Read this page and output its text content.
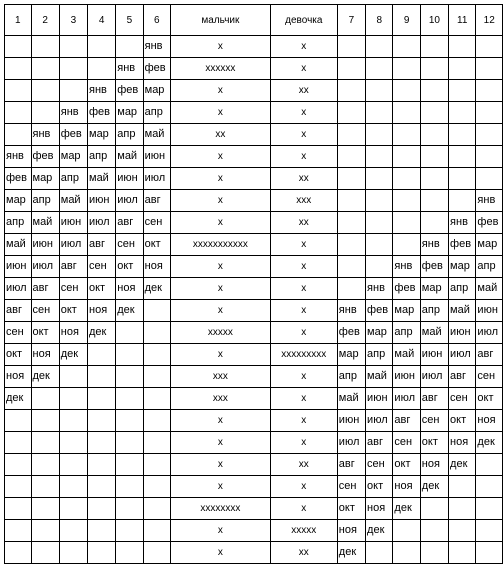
1	2	3	4	5	6	мальчик	девочка	7	8	9	10	11	12
					янв	x	x						
				янв	фев	xxxxxx	x						
			янв	фев	мар	x	xx						
		янв	фев	мар	апр	x	x						
	янв	фев	мар	апр	май	xx	x						
янв	фев	мар	апр	май	июн	x	x						
фев	мар	апр	май	июн	июл	x	xx						
мар	апр	май	июн	июл	авг	x	xxx						янв
апр	май	июн	июл	авг	сен	x	xx					янв	фев
май	июн	июл	авг	сен	окт	xxxxxxxxxxx	x				янв	фев	мар
июн	июл	авг	сен	окт	ноя	x	x			янв	фев	мар	апр
июл	авг	сен	окт	ноя	дек	x	x		янв	фев	мар	апр	май
авг	сен	окт	ноя	дек		x	x	янв	фев	мар	апр	май	июн
сен	окт	ноя	дек			xxxxx	x	фев	мар	апр	май	июн	июл
окт	ноя	дек				x	xxxxxxxxx	мар	апр	май	июн	июл	авг
ноя	дек					xxx	x	апр	май	июн	июл	авг	сен
дек						xxx	x	май	июн	июл	авг	сен	окт
						x	x	июн	июл	авг	сен	окт	ноя
						x	x	июл	авг	сен	окт	ноя	дек
						x	xx	авг	сен	окт	ноя	дек	
						x	x	сен	окт	ноя	дек		
						xxxxxxxx	x	окт	ноя	дек			
						x	xxxxx	ноя	дек				
						x	xx	дек					
